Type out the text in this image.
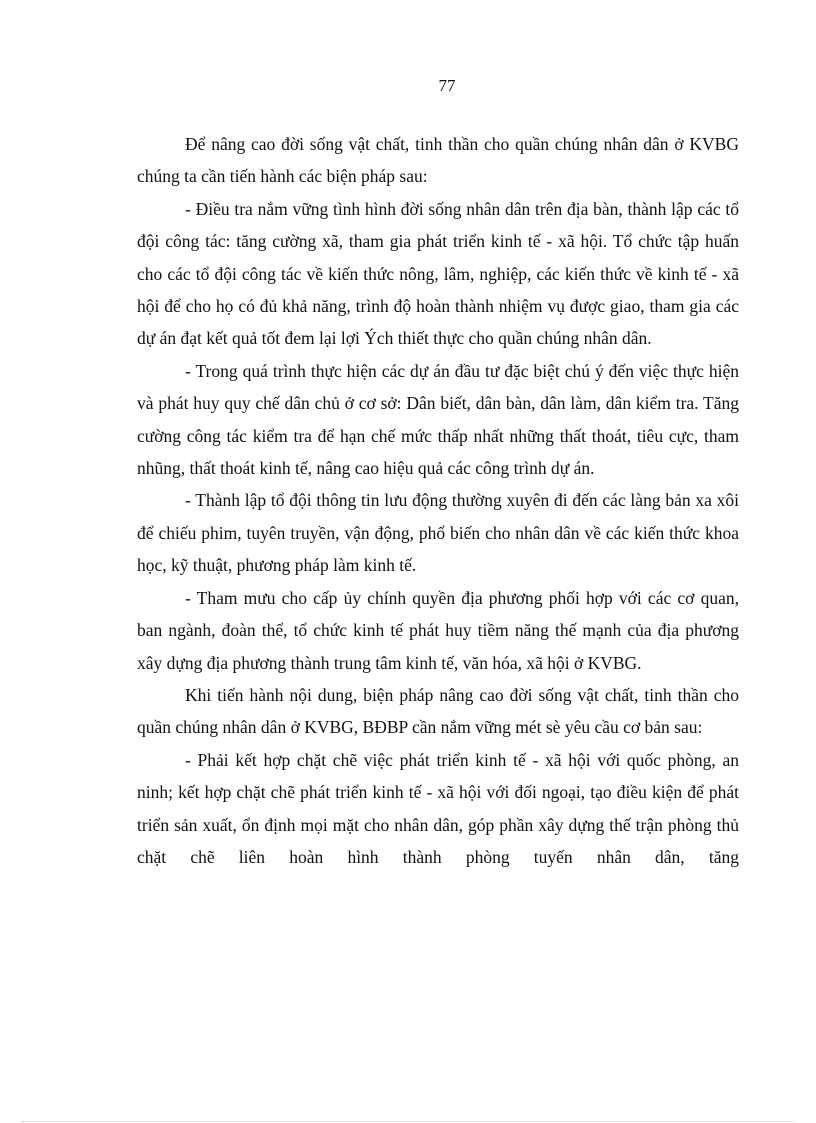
77

Để nâng cao đời sống vật chất, tinh thần cho quần chúng nhân dân ở KVBG chúng ta cần tiến hành các biện pháp sau:

- Điều tra nắm vững tình hình đời sống nhân dân trên địa bàn, thành lập các tổ đội công tác: tăng cường xã, tham gia phát triển kinh tế - xã hội. Tổ chức tập huấn cho các tổ đội công tác về kiến thức nông, lâm, nghiệp, các kiến thức về kinh tế - xã hội để cho họ có đủ khả năng, trình độ hoàn thành nhiệm vụ được giao, tham gia các dự án đạt kết quả tốt đem lại lợi Ých thiết thực cho quần chúng nhân dân.

- Trong quá trình thực hiện các dự án đầu tư đặc biệt chú ý đến việc thực hiện và phát huy quy chế dân chủ ở cơ sở: Dân biết, dân bàn, dân làm, dân kiểm tra. Tăng cường công tác kiểm tra để hạn chế mức thấp nhất những thất thoát, tiêu cực, tham nhũng, thất thoát kinh tế, nâng cao hiệu quả các công trình dự án.

- Thành lập tổ đội thông tin lưu động thường xuyên đi đến các làng bản xa xôi để chiếu phim, tuyên truyền, vận động, phổ biến cho nhân dân về các kiến thức khoa học, kỹ thuật, phương pháp làm kinh tế.

- Tham mưu cho cấp ủy chính quyền địa phương phối hợp với các cơ quan, ban ngành, đoàn thể, tổ chức kinh tế phát huy tiềm năng thế mạnh của địa phương xây dựng địa phương thành trung tâm kinh tế, văn hóa, xã hội ở KVBG.

Khi tiến hành nội dung, biện pháp nâng cao đời sống vật chất, tinh thần cho quần chúng nhân dân ở KVBG, BĐBP cần nắm vững mét sè yêu cầu cơ bản sau:

- Phải kết hợp chặt chẽ việc phát triển kinh tế - xã hội với quốc phòng, an ninh; kết hợp chặt chẽ phát triển kinh tế - xã hội với đối ngoại, tạo điều kiện để phát triển sản xuất, ổn định mọi mặt cho nhân dân, góp phần xây dựng thế trận phòng thủ chặt chẽ liên hoàn hình thành phòng tuyến nhân dân, tăng
